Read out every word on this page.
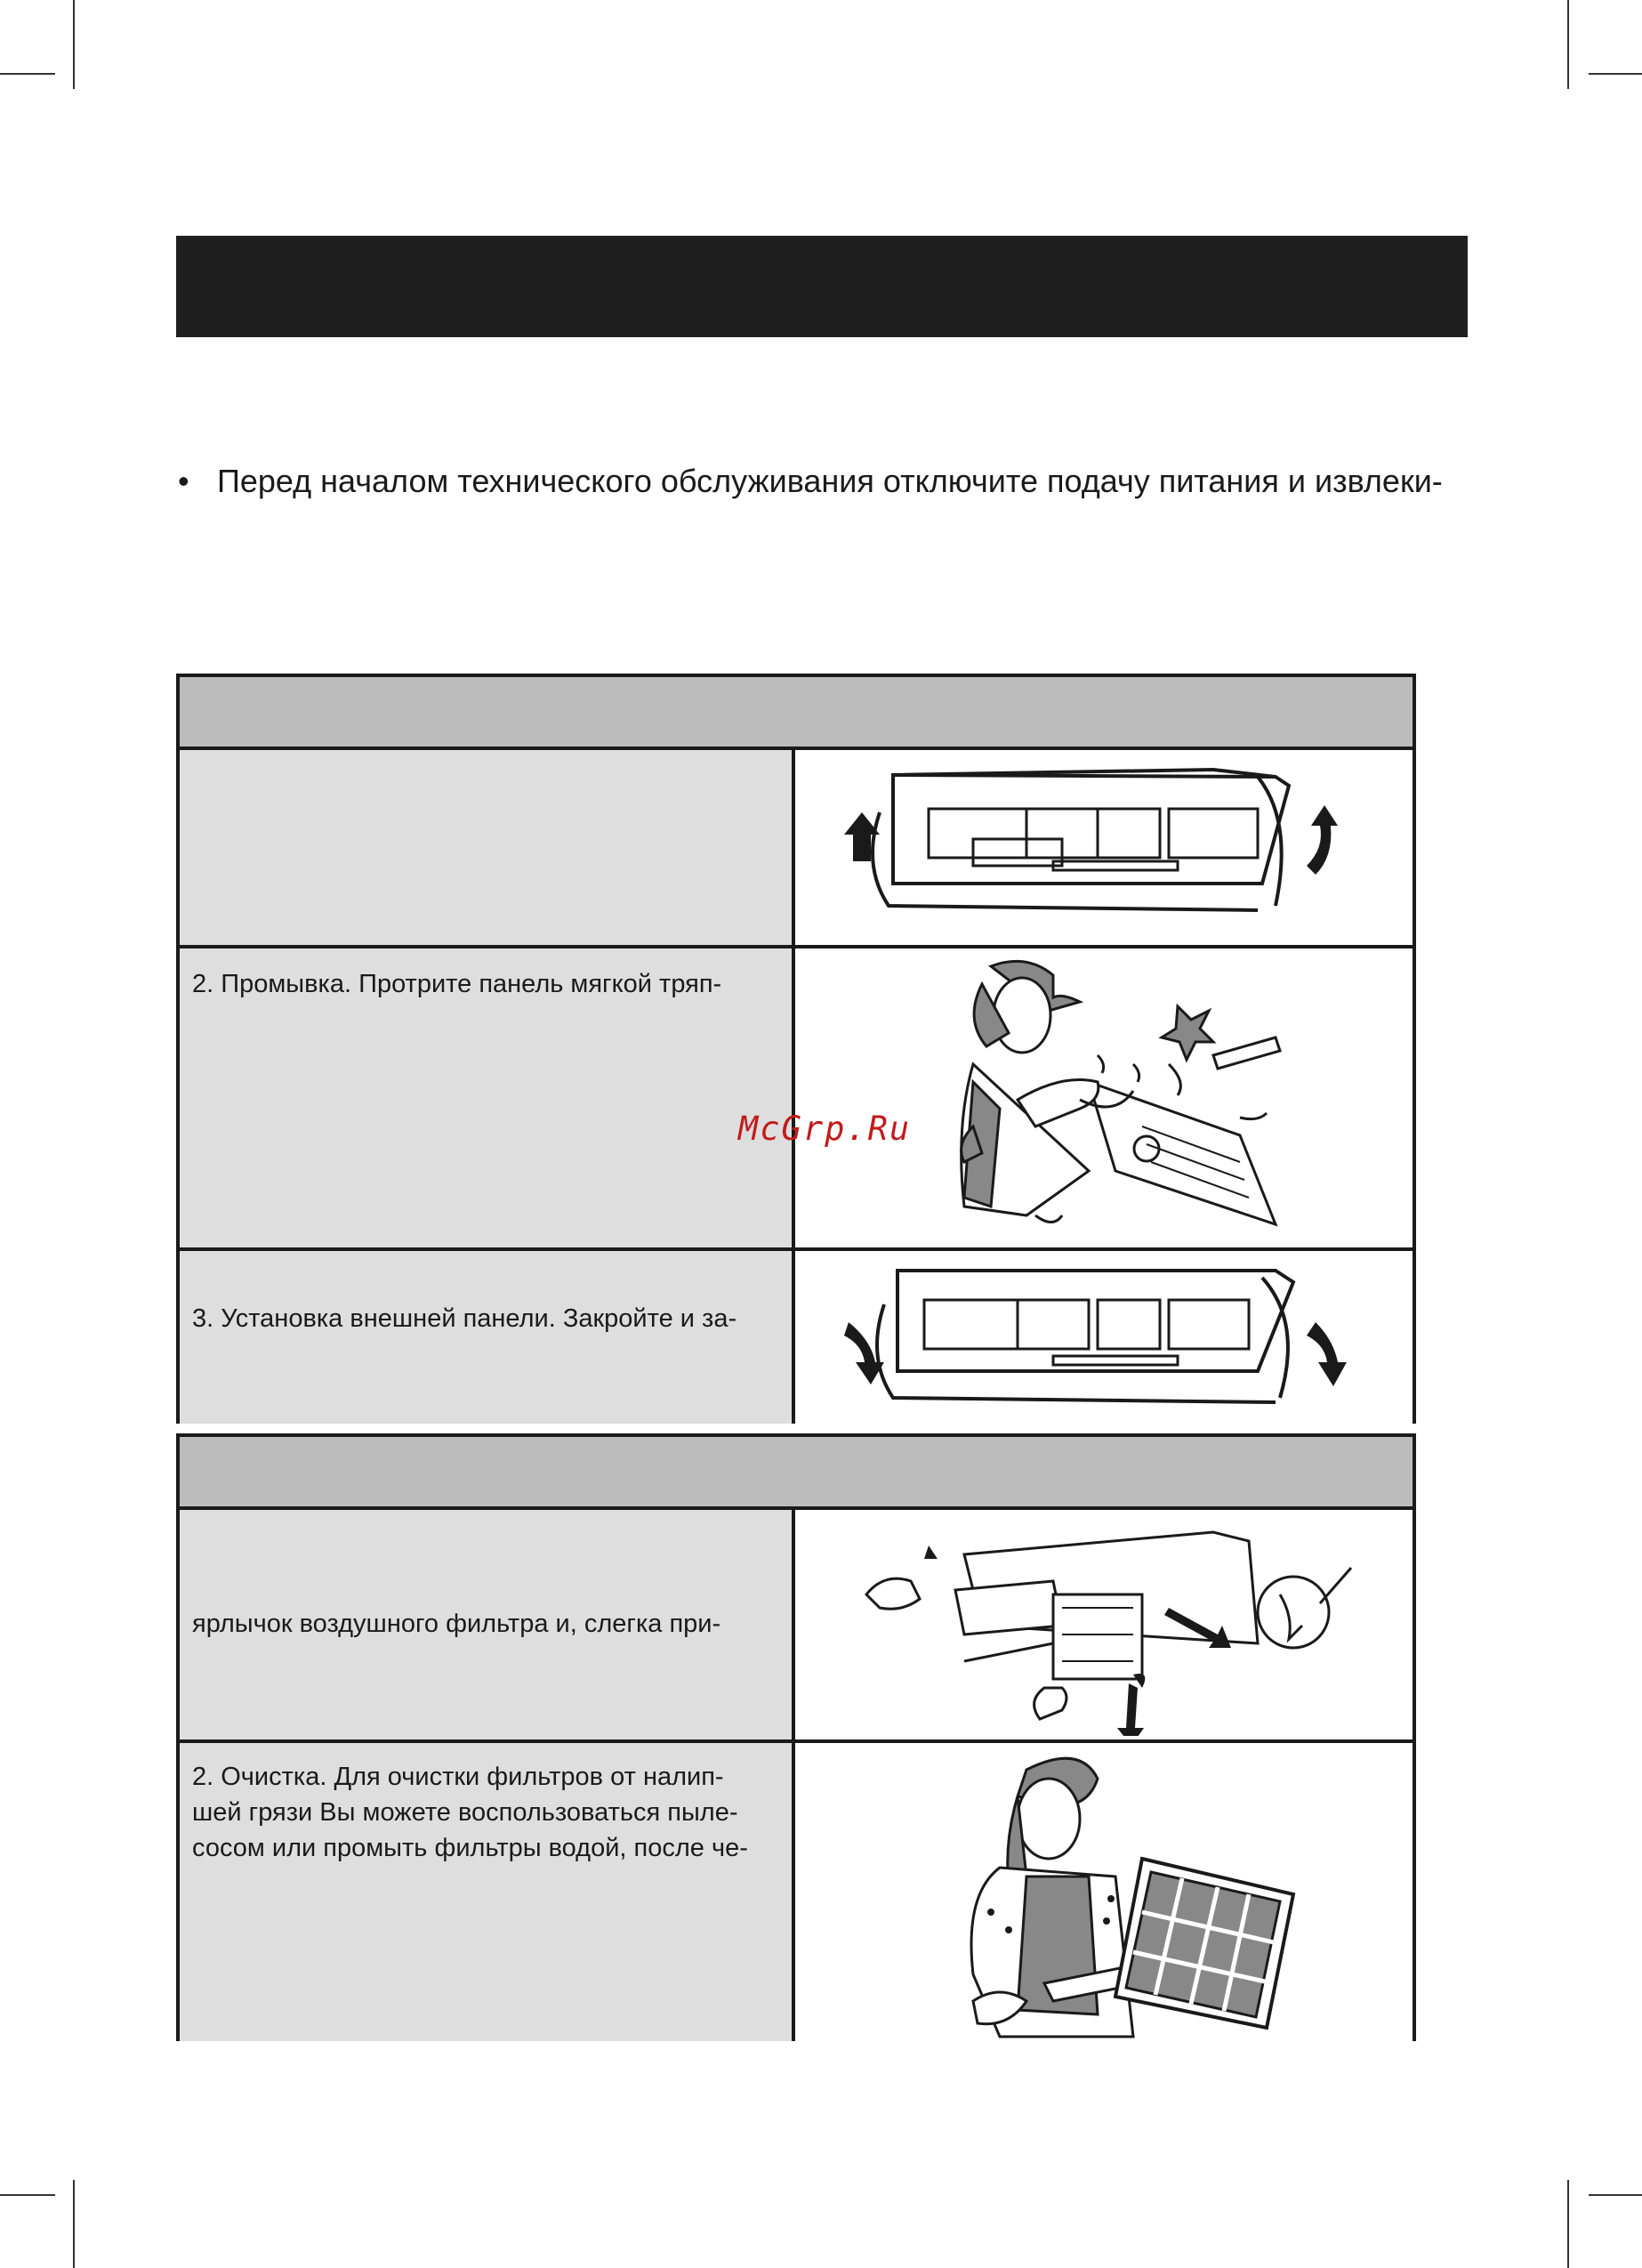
• Перед началом технического обслуживания отключите подачу питания и извлеки-
2. Промывка. Протрите панель мягкой тряп-
3. Установка внешней панели. Закройте и за-
ярлычок воздушного фильтра и, слегка при-
2. Очистка. Для очистки фильтров от налип-
шей грязи Вы можете воспользоваться пыле-
сосом или промыть фильтры водой, после че-
McGrp.Ru
